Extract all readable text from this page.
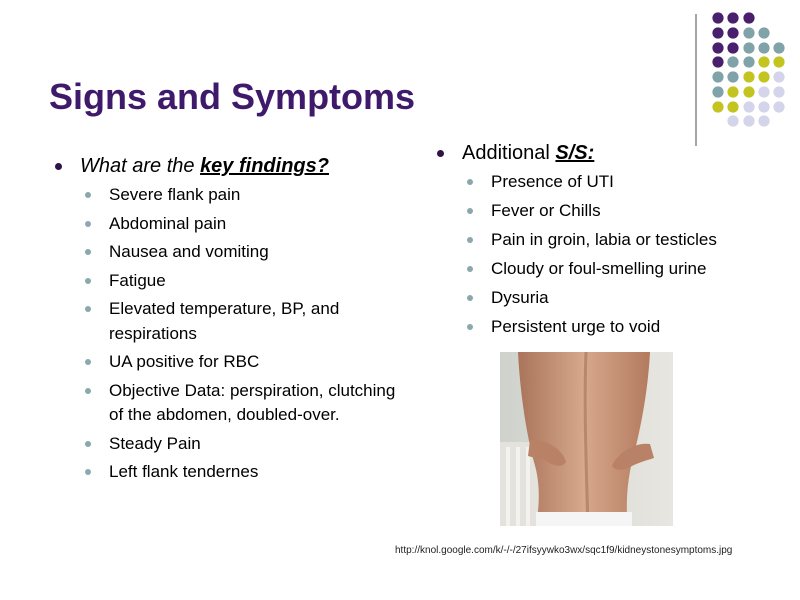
Signs and Symptoms
What are the key findings?
Severe flank pain
Abdominal pain
Nausea and vomiting
Fatigue
Elevated temperature, BP, and respirations
UA positive for RBC
Objective Data: perspiration, clutching of the abdomen, doubled-over.
Steady Pain
Left flank tendernes
Additional S/S:
Presence of UTI
Fever or Chills
Pain in groin, labia or testicles
Cloudy or foul-smelling urine
Dysuria
Persistent urge to void
http://knol.google.com/k/-/-/27ifsyywko3wx/sqc1f9/kidneystonesymptoms.jpg
